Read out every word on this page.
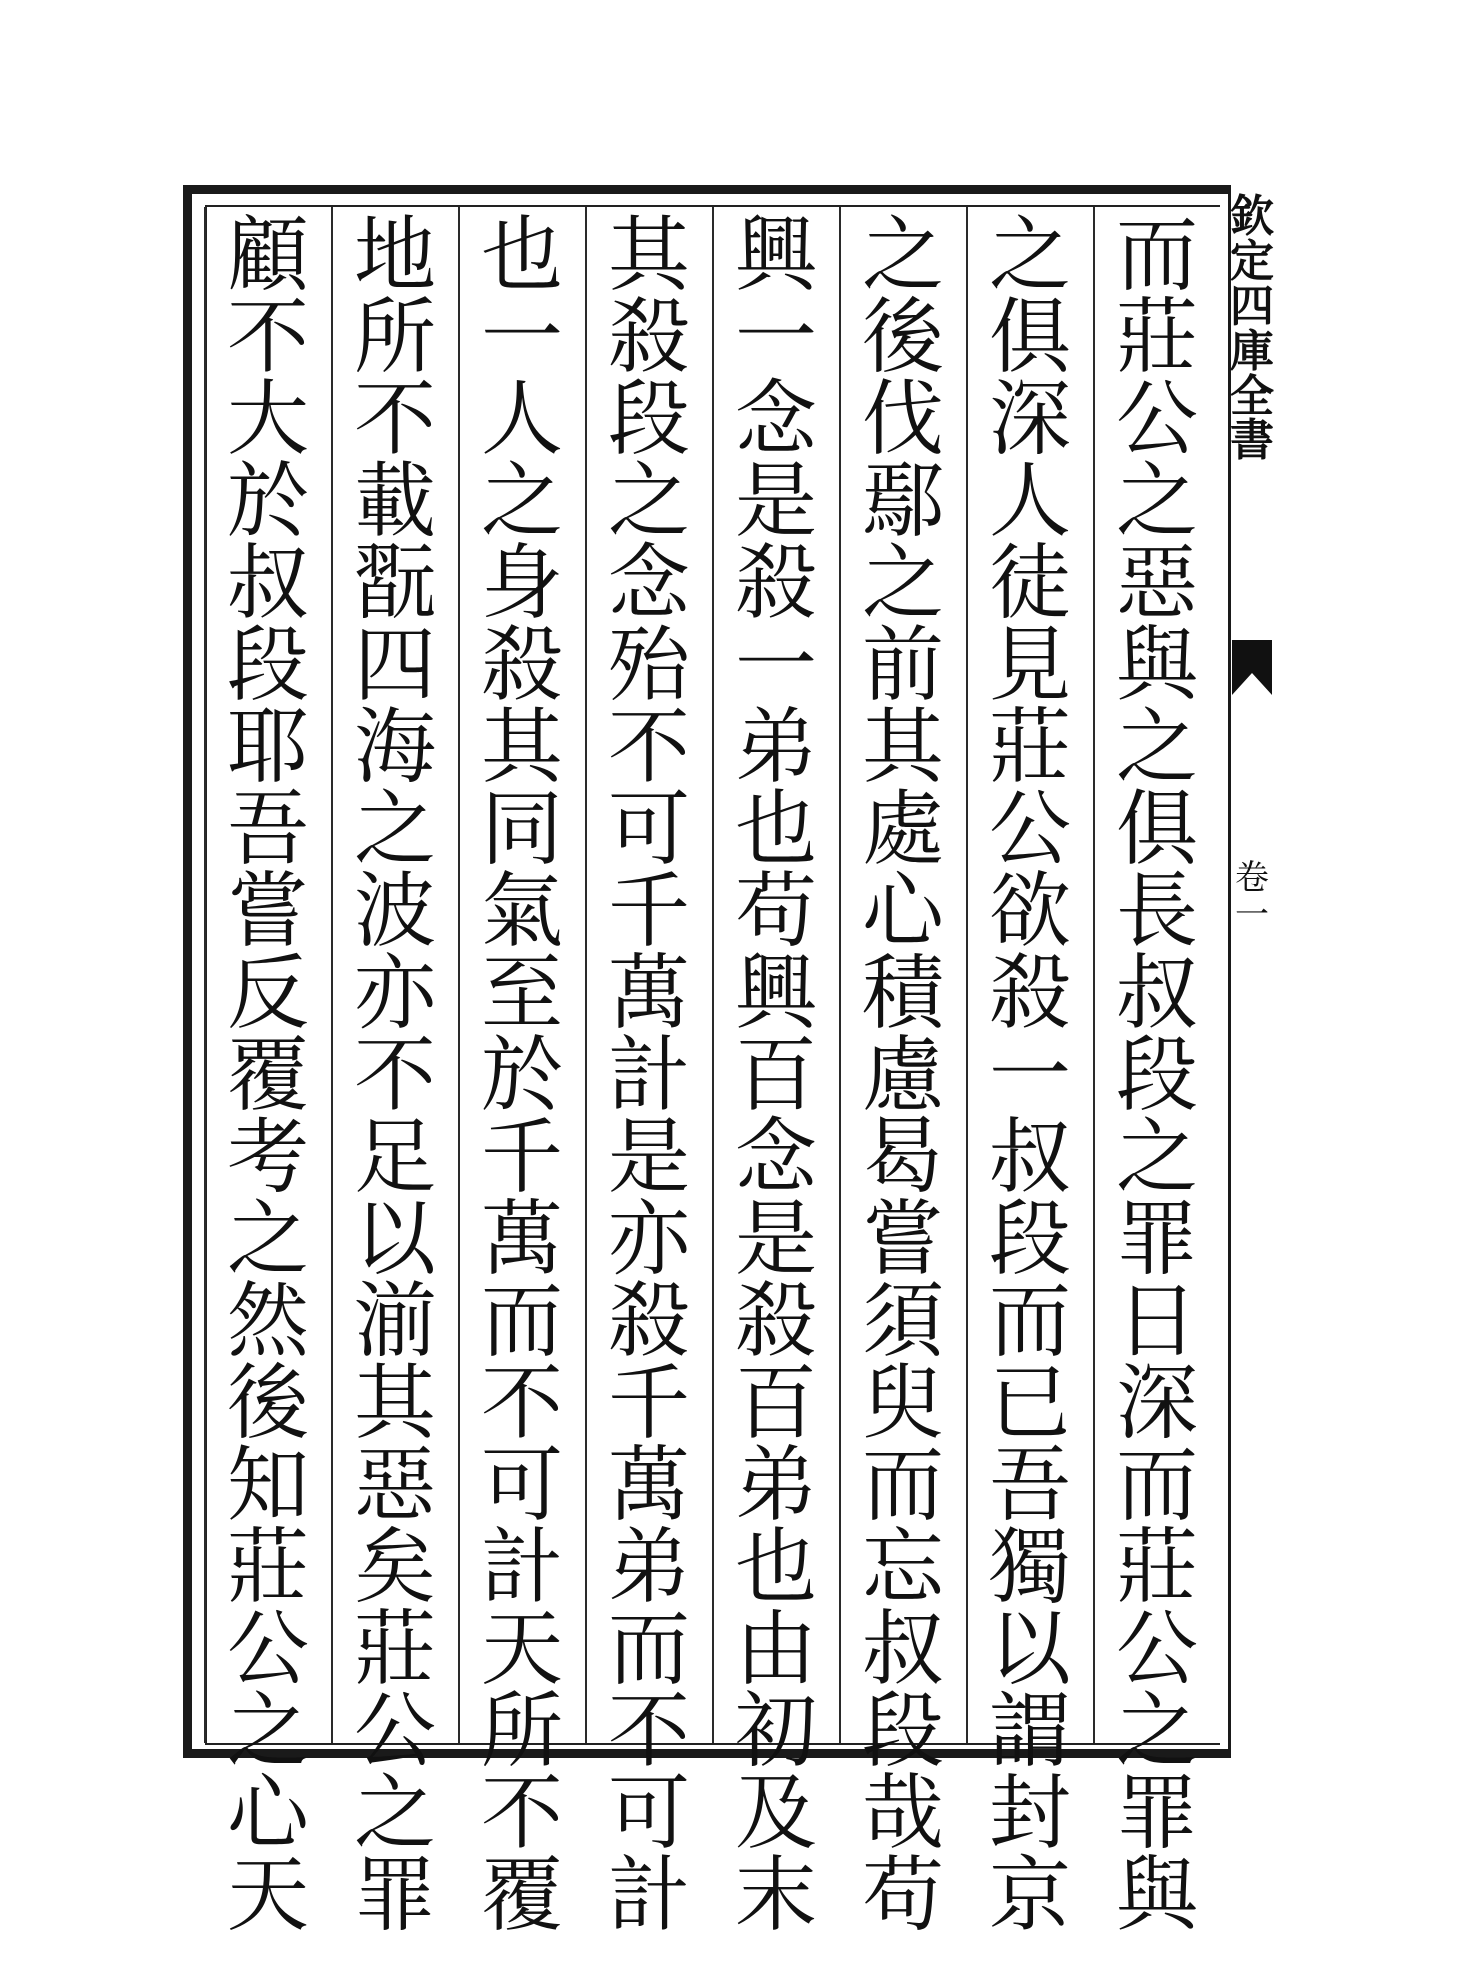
欽
定
四
庫
全
書
卷
一
而
莊
公
之
惡
與
之
俱
長
叔
段
之
罪
日
深
而
莊
公
之
罪
與
之
俱
深
人
徒
見
莊
公
欲
殺
一
叔
段
而
已
吾
獨
以
謂
封
京
之
後
伐
鄢
之
前
其
處
心
積
慮
曷
嘗
須
臾
而
忘
叔
段
哉
苟
興
一
念
是
殺
一
弟
也
苟
興
百
念
是
殺
百
弟
也
由
初
及
末
其
殺
段
之
念
殆
不
可
千
萬
計
是
亦
殺
千
萬
弟
而
不
可
計
也
一
人
之
身
殺
其
同
氣
至
於
千
萬
而
不
可
計
天
所
不
覆
地
所
不
載
翫
四
海
之
波
亦
不
足
以
湔
其
惡
矣
莊
公
之
罪
顧
不
大
於
叔
段
耶
吾
嘗
反
覆
考
之
然
後
知
莊
公
之
心
天
